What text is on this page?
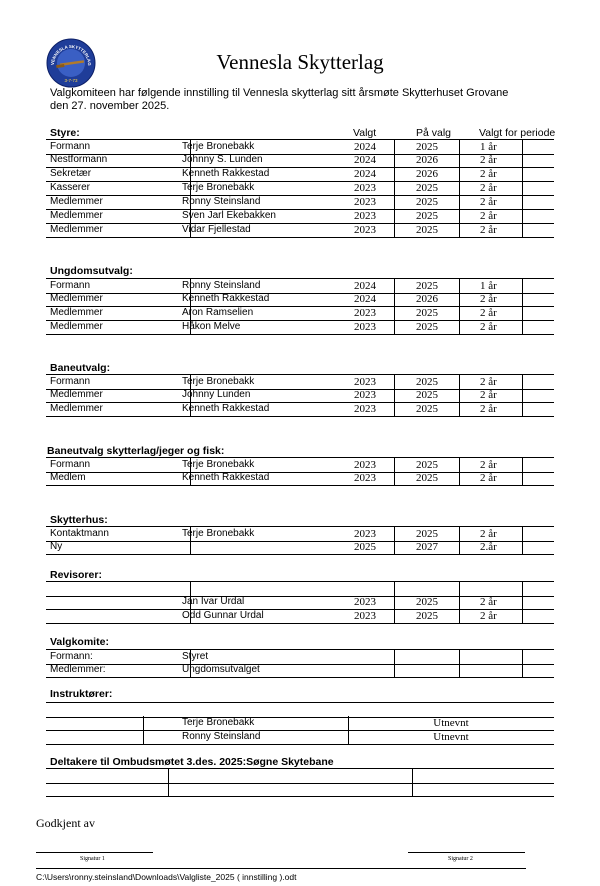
VENNESLA SKYTTERLAG
3-7-73
Vennesla Skytterlag
Valgkomiteen har følgende innstilling til Vennesla skytterlag sitt årsmøte Skytterhuset Grovane den 27. november 2025.
Styre:	Valgt	På valg	Valgt for periode
Formann	Terje Bronebakk	2024	2025	1 år
Nestformann	Johnny S. Lunden	2024	2026	2 år
Sekretær	Kenneth Rakkestad	2024	2026	2 år
Kasserer	Terje Bronebakk	2023	2025	2 år
Medlemmer	Ronny Steinsland	2023	2025	2 år
Medlemmer	Sven Jarl Ekebakken	2023	2025	2 år
Medlemmer	Vidar Fjellestad	2023	2025	2 år
Ungdomsutvalg:
Formann	Ronny Steinsland	2024	2025	1 år
Medlemmer	Kenneth Rakkestad	2024	2026	2 år
Medlemmer	Aron Ramselien	2023	2025	2 år
Medlemmer	Håkon Melve	2023	2025	2 år
Baneutvalg:
Formann	Terje Bronebakk	2023	2025	2 år
Medlemmer	Johnny Lunden	2023	2025	2 år
Medlemmer	Kenneth Rakkestad	2023	2025	2 år
Baneutvalg skytterlag/jeger og fisk:
Formann	Terje Bronebakk	2023	2025	2 år
Medlem	Kenneth Rakkestad	2023	2025	2 år
Skytterhus:
Kontaktmann	Terje Bronebakk	2023	2025	2 år
Ny	2025	2027	2.år
Revisorer:
Jan Ivar Urdal	2023	2025	2 år
Odd Gunnar Urdal	2023	2025	2 år
Valgkomite:
Formann:	Styret
Medlemmer:	Ungdomsutvalget
Instruktører:
Terje Bronebakk	Utnevnt
Ronny Steinsland	Utnevnt
Deltakere til Ombudsmøtet 3.des. 2025:Søgne Skytebane
Godkjent av
Signatur 1	Signatur 2
C:\Users\ronny.steinsland\Downloads\Valgliste_2025 ( innstilling ).odt
